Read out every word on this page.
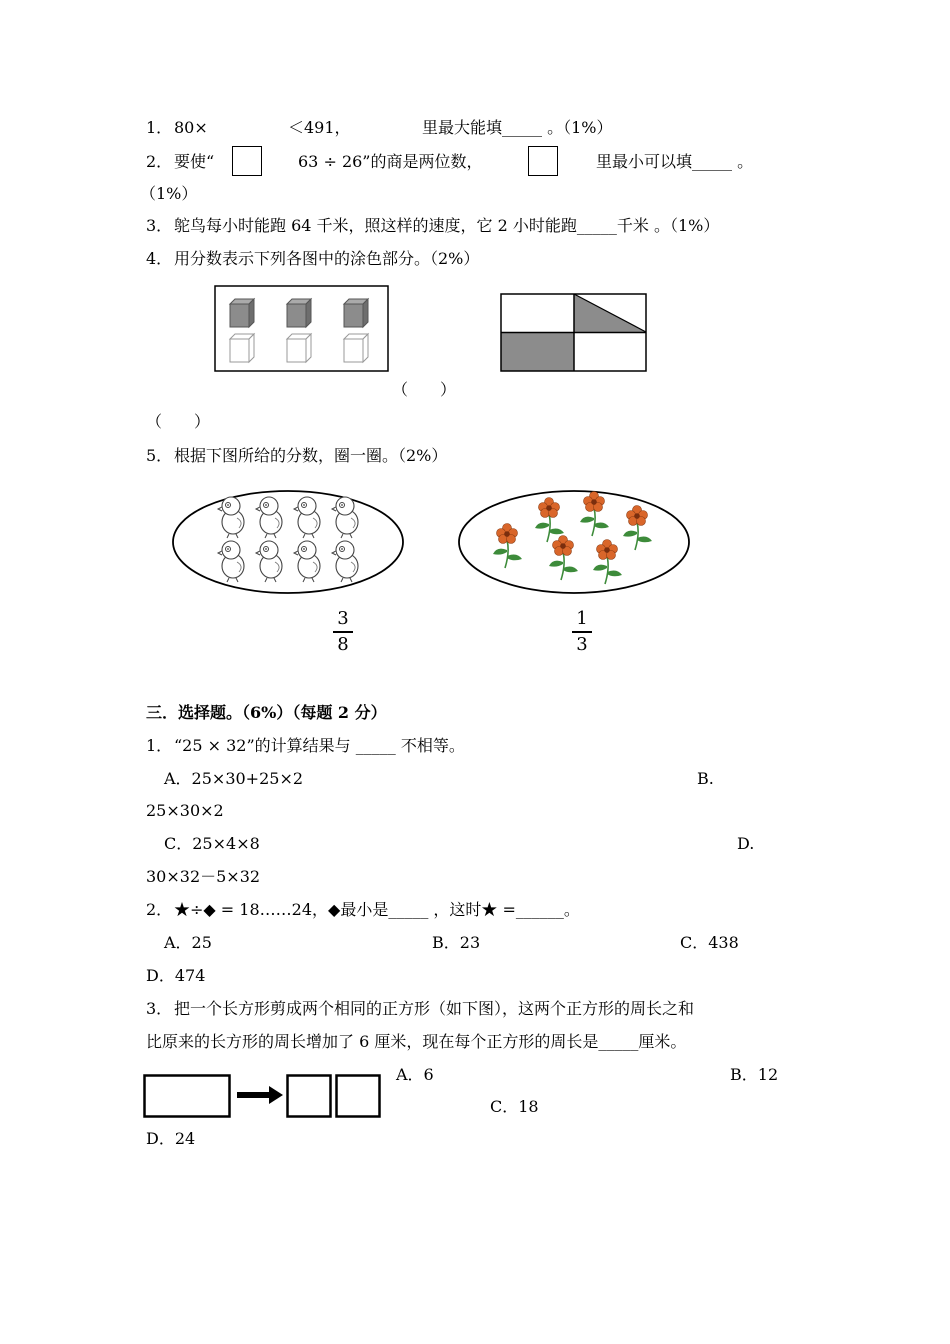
1． 80×	＜491，	里最大能填_____ 。（1%）
2． 要使“	63 ÷ 26”的商是两位数，	里最小可以填_____ 。
（1%）
3． 鸵鸟每小时能跑 64 千米，照这样的速度，它 2 小时能跑_____千米 。（1%）
4． 用分数表示下列各图中的涂色部分。（2%）
（　　）
（　　）
5． 根据下图所给的分数，圈一圈。（2%）
3
8
1
3
三．选择题。（6%）（每题 2 分）
1． “25 × 32”的计算结果与 _____ 不相等。
A．25×30+25×2	B.
25×30×2
C．25×4×8	D.
30×32－5×32
2． ★÷◆ = 18……24，◆最小是_____ ，这时★ =______。
A．25	B．23	C．438
D．474
3． 把一个长方形剪成两个相同的正方形（如下图），这两个正方形的周长之和
比原来的长方形的周长增加了 6 厘米，现在每个正方形的周长是_____厘米。
A．6	B．12
C．18
D．24
